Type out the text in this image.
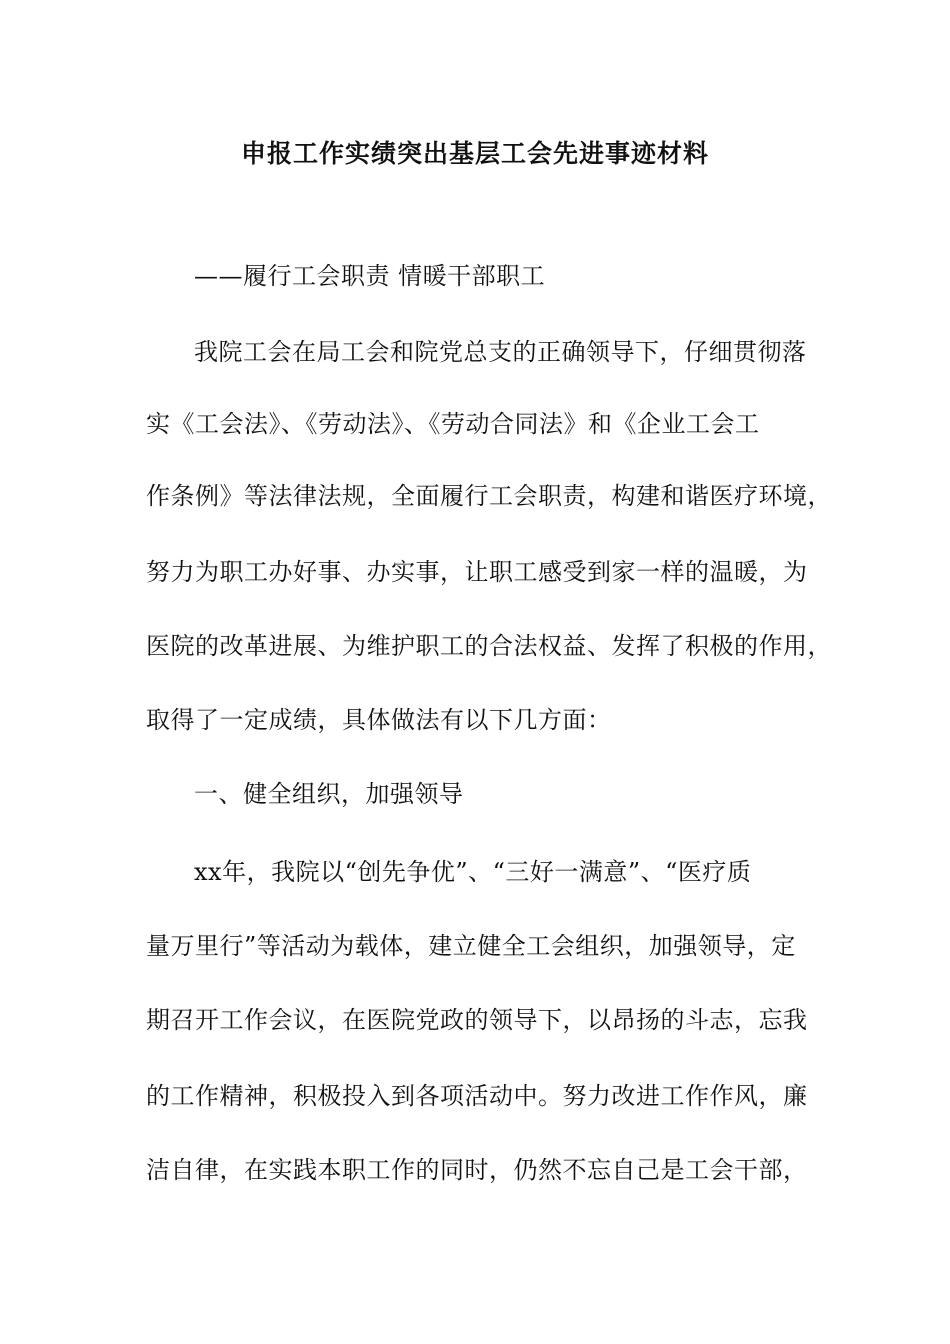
申报工作实绩突出基层工会先进事迹材料
——履行工会职责 情暖干部职工
我院工会在局工会和院党总支的正确领导下，仔细贯彻落
实《工会法》、《劳动法》、《劳动合同法》和《企业工会工
作条例》等法律法规，全面履行工会职责，构建和谐医疗环境，
努力为职工办好事、办实事，让职工感受到家一样的温暖，为
医院的改革进展、为维护职工的合法权益、发挥了积极的作用，
取得了一定成绩，具体做法有以下几方面：
一、健全组织，加强领导
xx年，我院以“创先争优”、“三好一满意”、“医疗质
量万里行”等活动为载体，建立健全工会组织，加强领导，定
期召开工作会议，在医院党政的领导下，以昂扬的斗志，忘我
的工作精神，积极投入到各项活动中。努力改进工作作风，廉
洁自律，在实践本职工作的同时，仍然不忘自己是工会干部，
